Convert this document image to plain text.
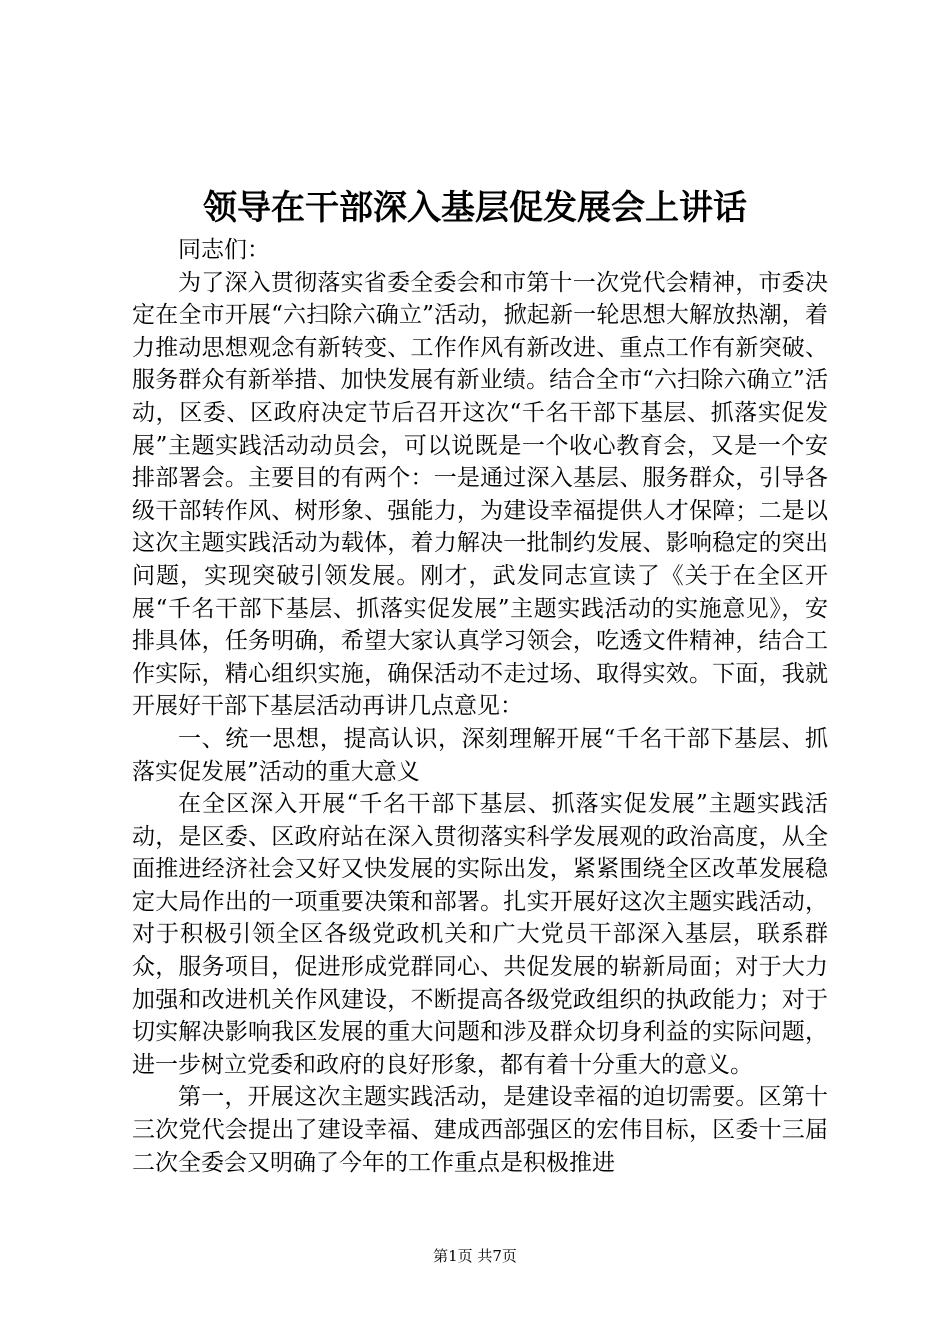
领导在干部深入基层促发展会上讲话

同志们：

为了深入贯彻落实省委全委会和市第十一次党代会精神，市委决定在全市开展“六扫除六确立”活动，掀起新一轮思想大解放热潮，着力推动思想观念有新转变、工作作风有新改进、重点工作有新突破、服务群众有新举措、加快发展有新业绩。结合全市“六扫除六确立”活动，区委、区政府决定节后召开这次“千名干部下基层、抓落实促发展”主题实践活动动员会，可以说既是一个收心教育会，又是一个安排部署会。主要目的有两个：一是通过深入基层、服务群众，引导各级干部转作风、树形象、强能力，为建设幸福提供人才保障；二是以这次主题实践活动为载体，着力解决一批制约发展、影响稳定的突出问题，实现突破引领发展。刚才，武发同志宣读了《关于在全区开展“千名干部下基层、抓落实促发展”主题实践活动的实施意见》，安排具体，任务明确，希望大家认真学习领会，吃透文件精神，结合工作实际，精心组织实施，确保活动不走过场、取得实效。下面，我就开展好干部下基层活动再讲几点意见：

一、统一思想，提高认识，深刻理解开展“千名干部下基层、抓落实促发展”活动的重大意义

在全区深入开展“千名干部下基层、抓落实促发展”主题实践活动，是区委、区政府站在深入贯彻落实科学发展观的政治高度，从全面推进经济社会又好又快发展的实际出发，紧紧围绕全区改革发展稳定大局作出的一项重要决策和部署。扎实开展好这次主题实践活动，对于积极引领全区各级党政机关和广大党员干部深入基层，联系群众，服务项目，促进形成党群同心、共促发展的崭新局面；对于大力加强和改进机关作风建设，不断提高各级党政组织的执政能力；对于切实解决影响我区发展的重大问题和涉及群众切身利益的实际问题，进一步树立党委和政府的良好形象，都有着十分重大的意义。

第一，开展这次主题实践活动，是建设幸福的迫切需要。区第十三次党代会提出了建设幸福、建成西部强区的宏伟目标，区委十三届二次全委会又明确了今年的工作重点是积极推进

第1页 共7页
